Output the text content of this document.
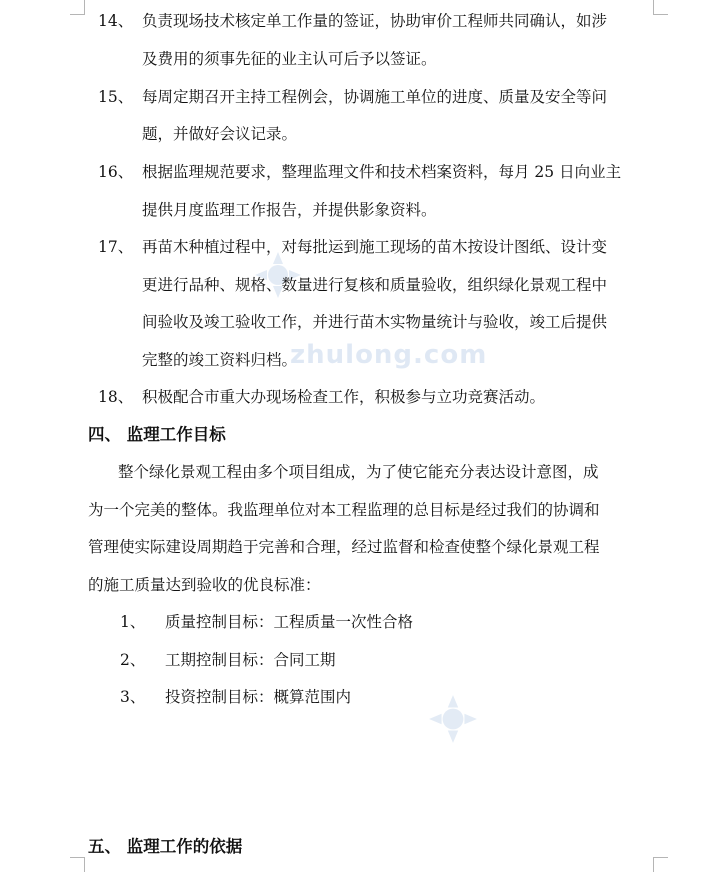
zhulong.com
14、 负责现场技术核定单工作量的签证，协助审价工程师共同确认，如涉
及费用的须事先征的业主认可后予以签证。
15、 每周定期召开主持工程例会，协调施工单位的进度、质量及安全等问
题，并做好会议记录。
16、 根据监理规范要求，整理监理文件和技术档案资料，每月 25 日向业主
提供月度监理工作报告，并提供影象资料。
17、 再苗木种植过程中，对每批运到施工现场的苗木按设计图纸、设计变
更进行品种、规格、数量进行复核和质量验收，组织绿化景观工程中
间验收及竣工验收工作，并进行苗木实物量统计与验收，竣工后提供
完整的竣工资料归档。
18、 积极配合市重大办现场检查工作，积极参与立功竞赛活动。
四、 监理工作目标
整个绿化景观工程由多个项目组成，为了使它能充分表达设计意图，成
为一个完美的整体。我监理单位对本工程监理的总目标是经过我们的协调和
管理使实际建设周期趋于完善和合理，经过监督和检查使整个绿化景观工程
的施工质量达到验收的优良标准：
1、 质量控制目标：工程质量一次性合格
2、 工期控制目标：合同工期
3、 投资控制目标：概算范围内
五、 监理工作的依据
